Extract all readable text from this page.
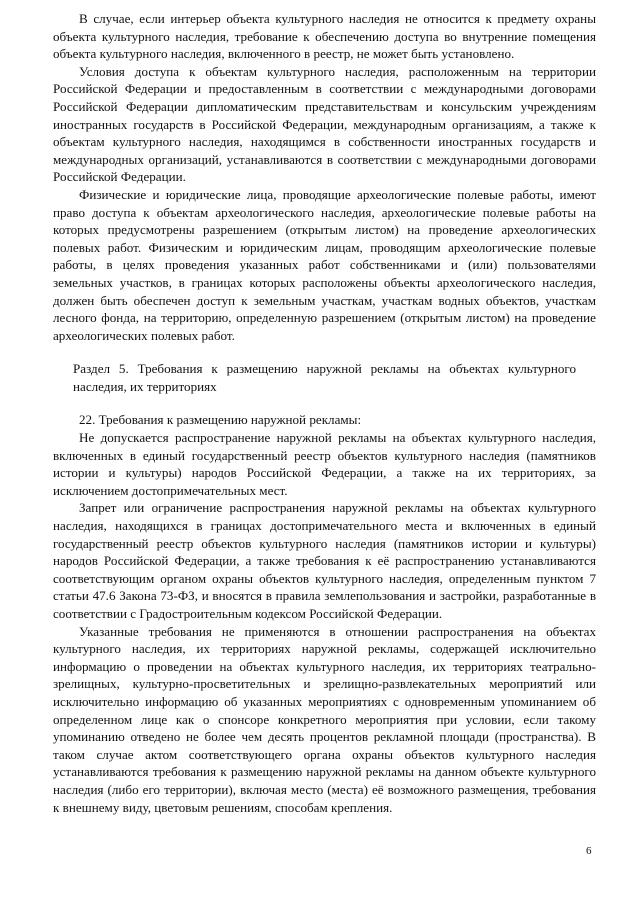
В случае, если интерьер объекта культурного наследия не относится к предмету охраны объекта культурного наследия, требование к обеспечению доступа во внутренние помещения объекта культурного наследия, включенного в реестр, не может быть установлено.

Условия доступа к объектам культурного наследия, расположенным на территории Российской Федерации и предоставленным в соответствии с международными договорами Российской Федерации дипломатическим представительствам и консульским учреждениям иностранных государств в Российской Федерации, международным организациям, а также к объектам культурного наследия, находящимся в собственности иностранных государств и международных организаций, устанавливаются в соответствии с международными договорами Российской Федерации.

Физические и юридические лица, проводящие археологические полевые работы, имеют право доступа к объектам археологического наследия, археологические полевые работы на которых предусмотрены разрешением (открытым листом) на проведение археологических полевых работ. Физическим и юридическим лицам, проводящим археологические полевые работы, в целях проведения указанных работ собственниками и (или) пользователями земельных участков, в границах которых расположены объекты археологического наследия, должен быть обеспечен доступ к земельным участкам, участкам водных объектов, участкам лесного фонда, на территорию, определенную разрешением (открытым листом) на проведение археологических полевых работ.

Раздел 5. Требования к размещению наружной рекламы на объектах культурного наследия, их территориях

22. Требования к размещению наружной рекламы:

Не допускается распространение наружной рекламы на объектах культурного наследия, включенных в единый государственный реестр объектов культурного наследия (памятников истории и культуры) народов Российской Федерации, а также на их территориях, за исключением достопримечательных мест.

Запрет или ограничение распространения наружной рекламы на объектах культурного наследия, находящихся в границах достопримечательного места и включенных в единый государственный реестр объектов культурного наследия (памятников истории и культуры) народов Российской Федерации, а также требования к её распространению устанавливаются соответствующим органом охраны объектов культурного наследия, определенным пунктом 7 статьи 47.6 Закона 73-ФЗ, и вносятся в правила землепользования и застройки, разработанные в соответствии с Градостроительным кодексом Российской Федерации.

Указанные требования не применяются в отношении распространения на объектах культурного наследия, их территориях наружной рекламы, содержащей исключительно информацию о проведении на объектах культурного наследия, их территориях театрально-зрелищных, культурно-просветительных и зрелищно-развлекательных мероприятий или исключительно информацию об указанных мероприятиях с одновременным упоминанием об определенном лице как о спонсоре конкретного мероприятия при условии, если такому упоминанию отведено не более чем десять процентов рекламной площади (пространства). В таком случае актом соответствующего органа охраны объектов культурного наследия устанавливаются требования к размещению наружной рекламы на данном объекте культурного наследия (либо его территории), включая место (места) её возможного размещения, требования к внешнему виду, цветовым решениям, способам крепления.

6
